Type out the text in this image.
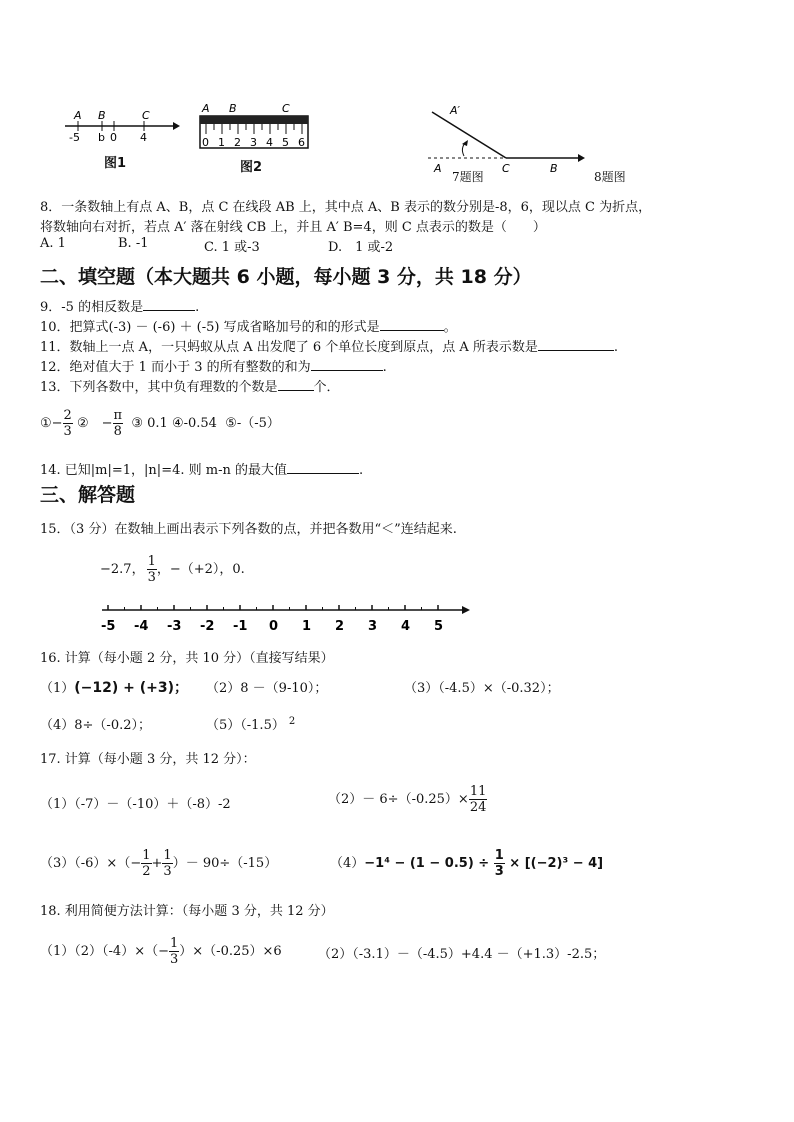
A B	C
-5 b 0 4
图1
A B	C
0 1 2 3 4 5 6
图2
A′
A	C	B
7题图	8题图
8．一条数轴上有点 A、B，点 C 在线段 AB 上，其中点 A、B 表示的数分别是-8，6，现以点 C 为折点，
将数轴向右对折，若点 A′ 落在射线 CB 上，并且 A′ B=4，则 C 点表示的数是（　　）
A. 1	B. -1	C. 1 或-3	D.　1 或-2
二、填空题（本大题共 6 小题，每小题 3 分，共 18 分）
9．-5 的相反数是	.
10．把算式(-3) － (-6) ＋ (-5) 写成省略加号的和的形式是	。
11．数轴上一点 A，一只蚂蚁从点 A 出发爬了 6 个单位长度到原点，点 A 所表示数是	.
12．绝对值大于 1 而小于 3 的所有整数的和为	.
13．下列各数中，其中负有理数的个数是	个．
①− $\frac{2}{3}$ ②　− $\frac{\pi}{8}$ ③ 0.1 ④-0.54 ⑤-（-5）
14. 已知|m|=1，|n|=4. 则 m-n 的最大值	.
三、解答题
15．（3 分）在数轴上画出表示下列各数的点，并把各数用“＜”连结起来.
−2.7， $\frac{1}{3}$ ，−（+2），0.
-5 -4 -3 -2 -1 0 1 2 3 4 5
16. 计算（每小题 2 分，共 10 分）（直接写结果）
（1）(−12) + (+3)； （2）8 －（9-10）；	（3）（-4.5）×（-0.32）；
（4）8÷（-0.2）；	（5）（-1.5） $^2$
17. 计算（每小题 3 分，共 12 分）：
（1）（-7）－（-10）＋（-8）-2	$(2)- 6\div(-0.25)\times \frac{11}{24}$
$(3)(-6)\times(- \frac{1}{2} + \frac{1}{3}$ ）－ 90÷（-15）	$(4)-1^4 - (1 - 0.5) \div \frac{1}{3} \times [(-2)^3 - 4]$
18. 利用简便方法计算：（每小题 3 分，共 12 分）
$(1)(2)(-4)\times(- \frac{1}{3} )\times(-0.25)\times 6$	（2）（-3.1）－（-4.5）+4.4 －（+1.3）-2.5；
